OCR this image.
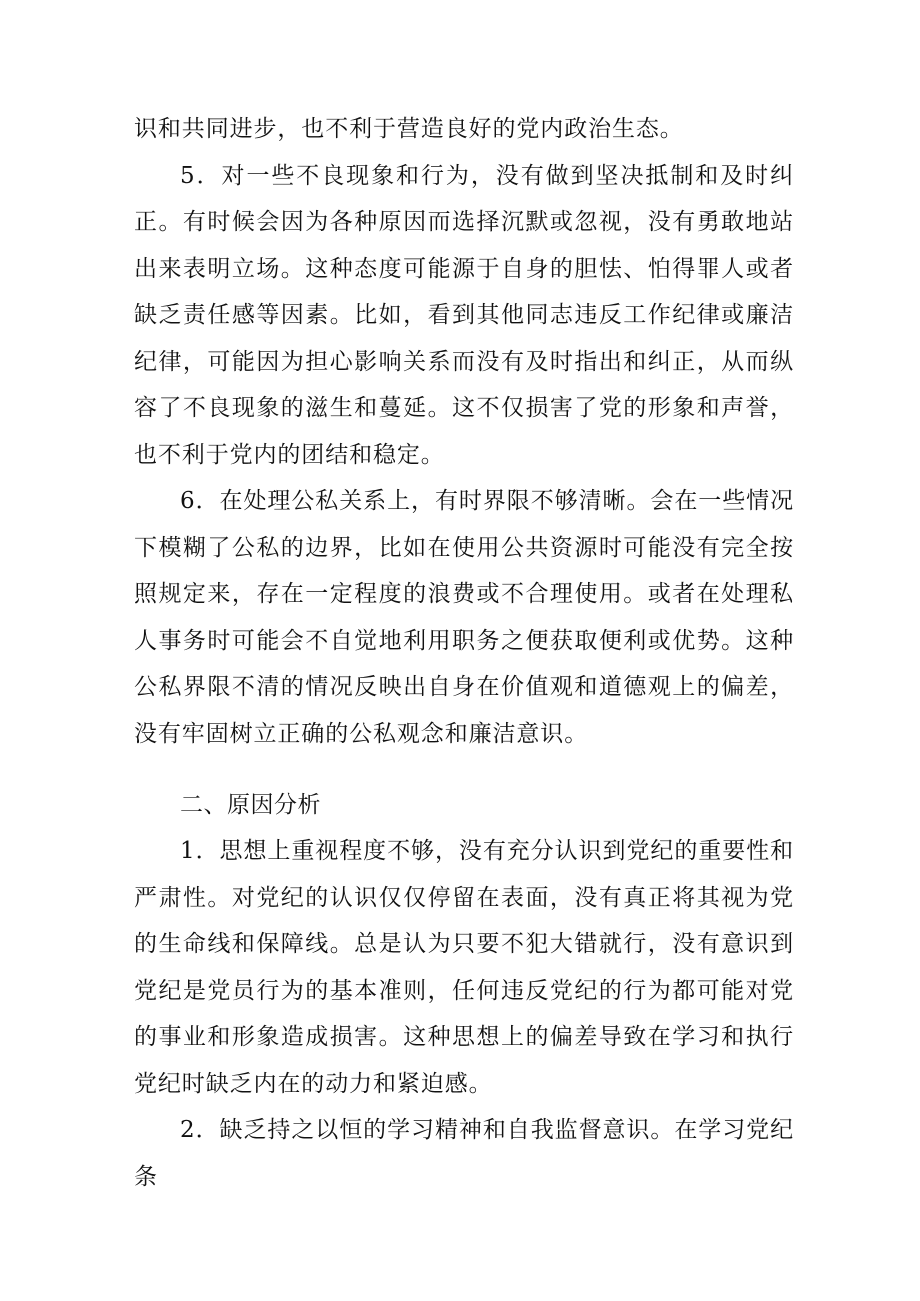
识和共同进步，也不利于营造良好的党内政治生态。

5．对一些不良现象和行为，没有做到坚决抵制和及时纠正。有时候会因为各种原因而选择沉默或忽视，没有勇敢地站出来表明立场。这种态度可能源于自身的胆怯、怕得罪人或者缺乏责任感等因素。比如，看到其他同志违反工作纪律或廉洁纪律，可能因为担心影响关系而没有及时指出和纠正，从而纵容了不良现象的滋生和蔓延。这不仅损害了党的形象和声誉，也不利于党内的团结和稳定。

6．在处理公私关系上，有时界限不够清晰。会在一些情况下模糊了公私的边界，比如在使用公共资源时可能没有完全按照规定来，存在一定程度的浪费或不合理使用。或者在处理私人事务时可能会不自觉地利用职务之便获取便利或优势。这种公私界限不清的情况反映出自身在价值观和道德观上的偏差，没有牢固树立正确的公私观念和廉洁意识。

二、原因分析

1．思想上重视程度不够，没有充分认识到党纪的重要性和严肃性。对党纪的认识仅仅停留在表面，没有真正将其视为党的生命线和保障线。总是认为只要不犯大错就行，没有意识到党纪是党员行为的基本准则，任何违反党纪的行为都可能对党的事业和形象造成损害。这种思想上的偏差导致在学习和执行党纪时缺乏内在的动力和紧迫感。

2．缺乏持之以恒的学习精神和自我监督意识。在学习党纪条
